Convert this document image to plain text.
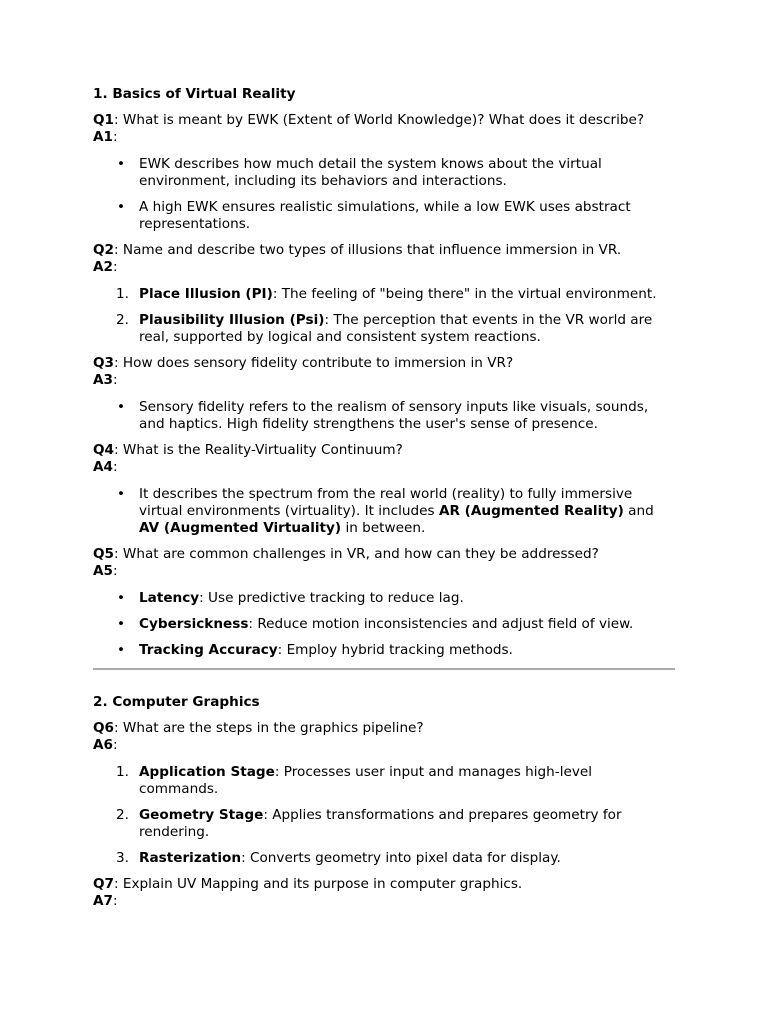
1. Basics of Virtual Reality

Q1: What is meant by EWK (Extent of World Knowledge)? What does it describe?

A1:

• EWK describes how much detail the system knows about the virtual environment, including its behaviors and interactions.
• A high EWK ensures realistic simulations, while a low EWK uses abstract representations.

Q2: Name and describe two types of illusions that influence immersion in VR.

A2:

1. Place Illusion (PI): The feeling of "being there" in the virtual environment.
2. Plausibility Illusion (Psi): The perception that events in the VR world are real, supported by logical and consistent system reactions.

Q3: How does sensory fidelity contribute to immersion in VR?

A3:

• Sensory fidelity refers to the realism of sensory inputs like visuals, sounds, and haptics. High fidelity strengthens the user's sense of presence.

Q4: What is the Reality-Virtuality Continuum?

A4:

• It describes the spectrum from the real world (reality) to fully immersive virtual environments (virtuality). It includes AR (Augmented Reality) and AV (Augmented Virtuality) in between.

Q5: What are common challenges in VR, and how can they be addressed?

A5:

• Latency: Use predictive tracking to reduce lag.
• Cybersickness: Reduce motion inconsistencies and adjust field of view.
• Tracking Accuracy: Employ hybrid tracking methods.
2. Computer Graphics

Q6: What are the steps in the graphics pipeline?

A6:

1. Application Stage: Processes user input and manages high-level commands.
2. Geometry Stage: Applies transformations and prepares geometry for rendering.
3. Rasterization: Converts geometry into pixel data for display.

Q7: Explain UV Mapping and its purpose in computer graphics.

A7:
